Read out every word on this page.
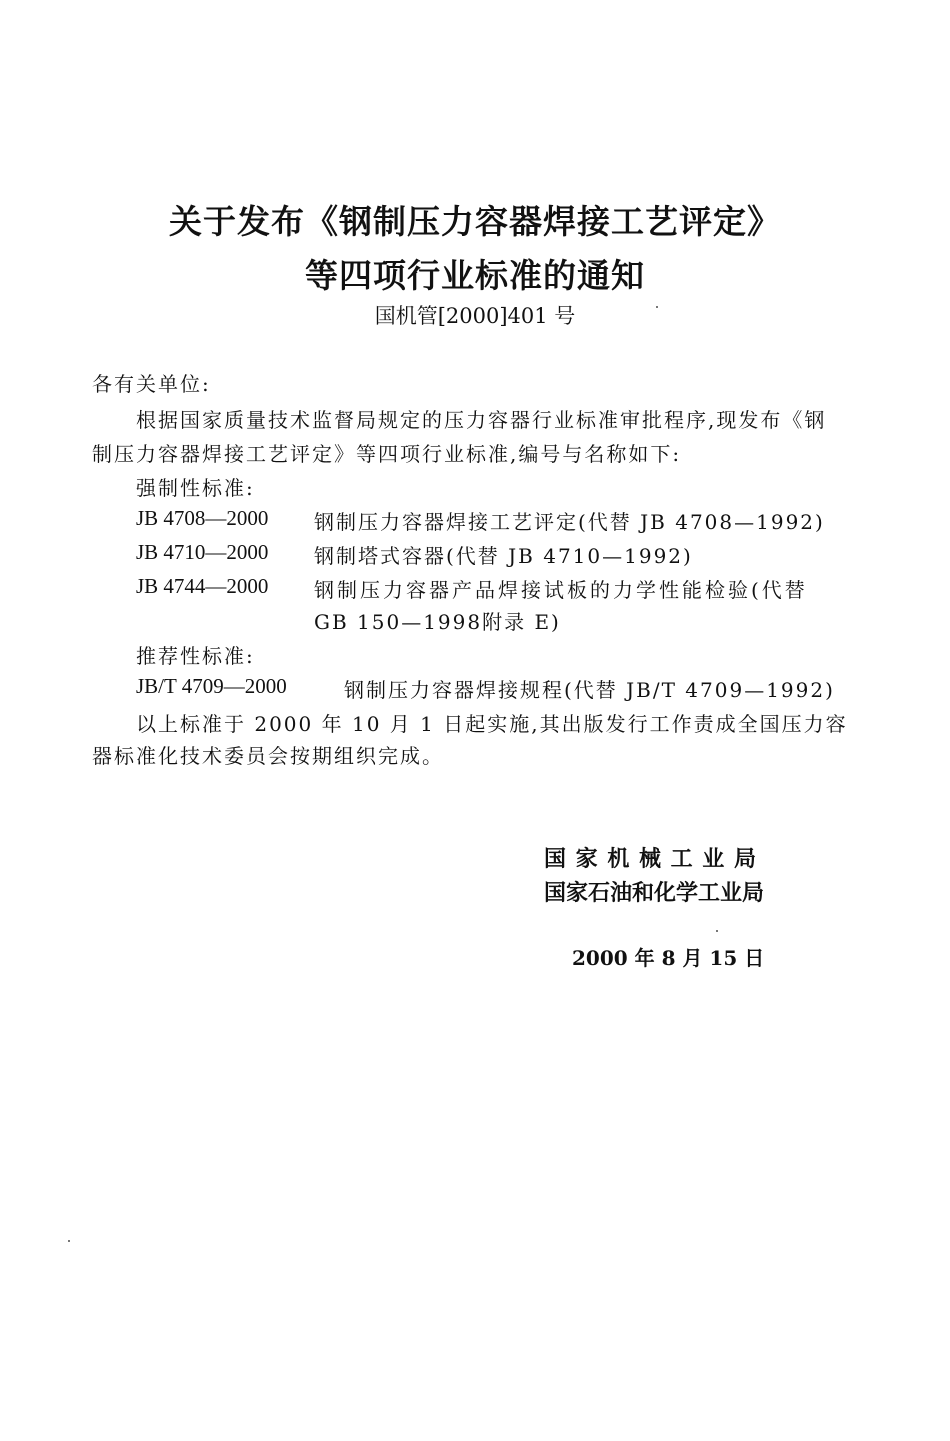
关于发布《钢制压力容器焊接工艺评定》
等四项行业标准的通知
国机管[2000]401 号
各有关单位:
根据国家质量技术监督局规定的压力容器行业标准审批程序,现发布《钢
制压力容器焊接工艺评定》等四项行业标准,编号与名称如下:
强制性标准:
JB 4708—2000 钢制压力容器焊接工艺评定(代替 JB 4708—1992)
JB 4710—2000 钢制塔式容器(代替 JB 4710—1992)
JB 4744—2000 钢制压力容器产品焊接试板的力学性能检验(代替
GB 150—1998附录 E)
推荐性标准:
JB/T 4709—2000	钢制压力容器焊接规程(代替 JB/T 4709—1992)
以上标准于 2000 年 10 月 1 日起实施,其出版发行工作责成全国压力容
器标准化技术委员会按期组织完成。
国 家 机 械 工 业 局
国家石油和化学工业局
2000 年 8 月 15 日
